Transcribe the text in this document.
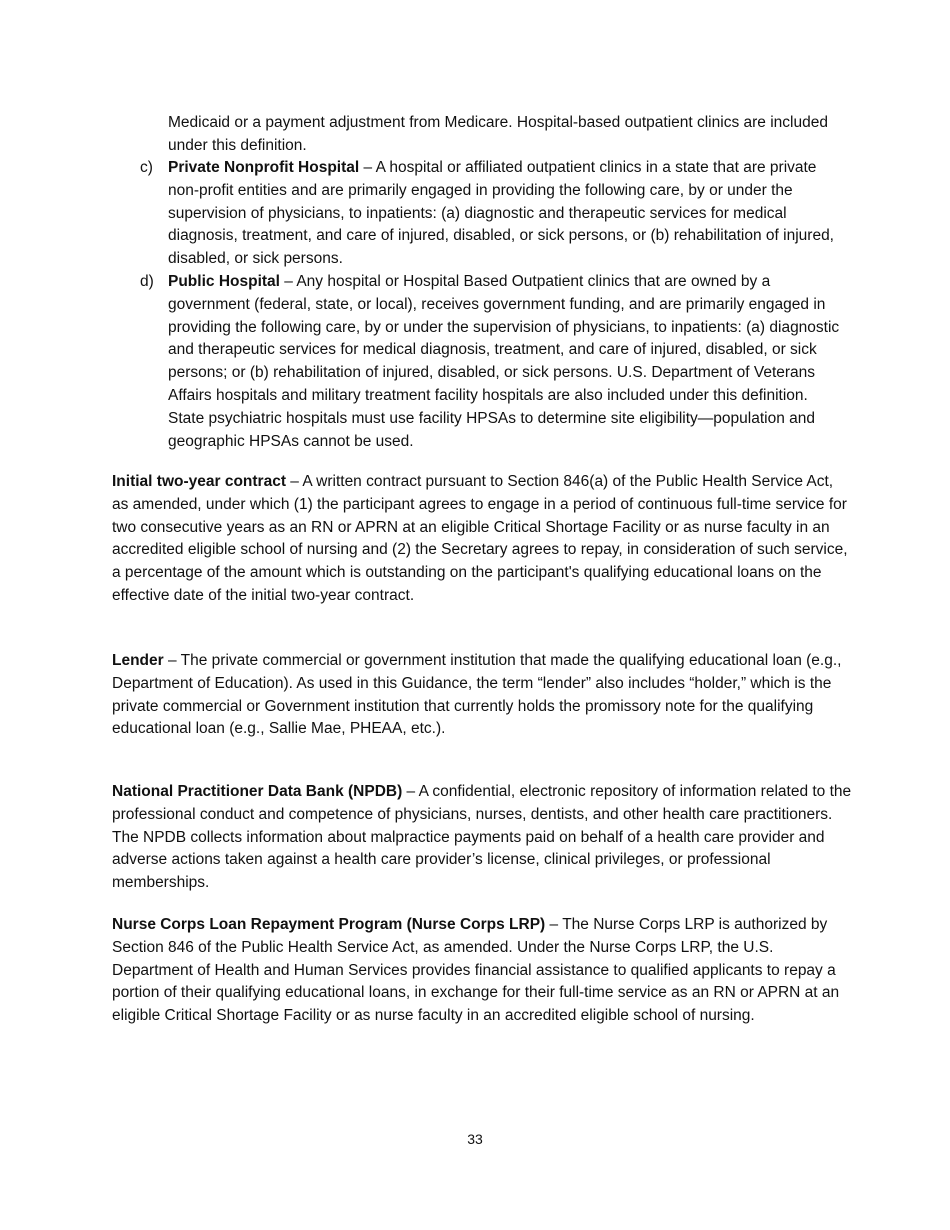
Medicaid or a payment adjustment from Medicare. Hospital-based outpatient clinics are included under this definition.
c) Private Nonprofit Hospital – A hospital or affiliated outpatient clinics in a state that are private non-profit entities and are primarily engaged in providing the following care, by or under the supervision of physicians, to inpatients: (a) diagnostic and therapeutic services for medical diagnosis, treatment, and care of injured, disabled, or sick persons, or (b) rehabilitation of injured, disabled, or sick persons.
d) Public Hospital – Any hospital or Hospital Based Outpatient clinics that are owned by a government (federal, state, or local), receives government funding, and are primarily engaged in providing the following care, by or under the supervision of physicians, to inpatients: (a) diagnostic and therapeutic services for medical diagnosis, treatment, and care of injured, disabled, or sick persons; or (b) rehabilitation of injured, disabled, or sick persons. U.S. Department of Veterans Affairs hospitals and military treatment facility hospitals are also included under this definition. State psychiatric hospitals must use facility HPSAs to determine site eligibility—population and geographic HPSAs cannot be used.
Initial two-year contract – A written contract pursuant to Section 846(a) of the Public Health Service Act, as amended, under which (1) the participant agrees to engage in a period of continuous full-time service for two consecutive years as an RN or APRN at an eligible Critical Shortage Facility or as nurse faculty in an accredited eligible school of nursing and (2) the Secretary agrees to repay, in consideration of such service, a percentage of the amount which is outstanding on the participant's qualifying educational loans on the effective date of the initial two-year contract.
Lender – The private commercial or government institution that made the qualifying educational loan (e.g., Department of Education). As used in this Guidance, the term “lender” also includes “holder,” which is the private commercial or Government institution that currently holds the promissory note for the qualifying educational loan (e.g., Sallie Mae, PHEAA, etc.).
National Practitioner Data Bank (NPDB) – A confidential, electronic repository of information related to the professional conduct and competence of physicians, nurses, dentists, and other health care practitioners. The NPDB collects information about malpractice payments paid on behalf of a health care provider and adverse actions taken against a health care provider’s license, clinical privileges, or professional memberships.
Nurse Corps Loan Repayment Program (Nurse Corps LRP) – The Nurse Corps LRP is authorized by Section 846 of the Public Health Service Act, as amended. Under the Nurse Corps LRP, the U.S. Department of Health and Human Services provides financial assistance to qualified applicants to repay a portion of their qualifying educational loans, in exchange for their full-time service as an RN or APRN at an eligible Critical Shortage Facility or as nurse faculty in an accredited eligible school of nursing.
33
